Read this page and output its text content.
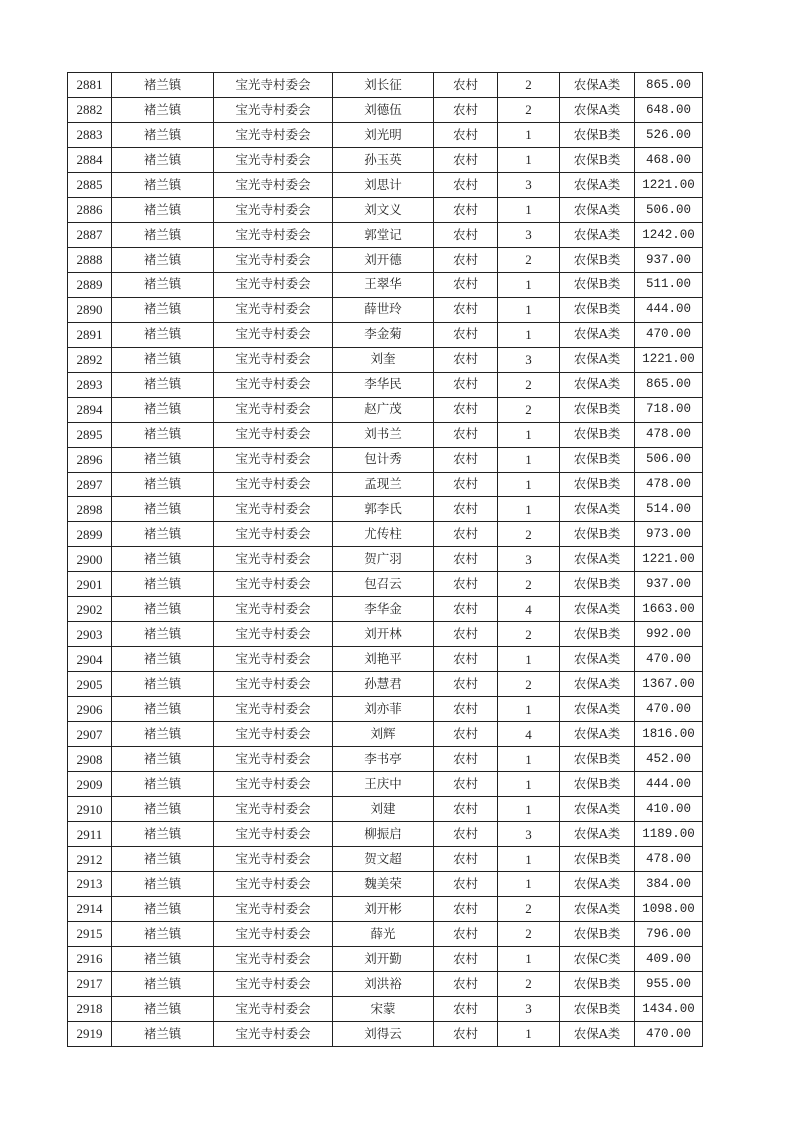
2881	褚兰镇	宝光寺村委会	刘长征	农村	2	农保A类	865.00
2882	褚兰镇	宝光寺村委会	刘德伍	农村	2	农保A类	648.00
2883	褚兰镇	宝光寺村委会	刘光明	农村	1	农保B类	526.00
2884	褚兰镇	宝光寺村委会	孙玉英	农村	1	农保B类	468.00
2885	褚兰镇	宝光寺村委会	刘思计	农村	3	农保A类	1221.00
2886	褚兰镇	宝光寺村委会	刘文义	农村	1	农保A类	506.00
2887	褚兰镇	宝光寺村委会	郭堂记	农村	3	农保A类	1242.00
2888	褚兰镇	宝光寺村委会	刘开德	农村	2	农保B类	937.00
2889	褚兰镇	宝光寺村委会	王翠华	农村	1	农保B类	511.00
2890	褚兰镇	宝光寺村委会	薛世玲	农村	1	农保B类	444.00
2891	褚兰镇	宝光寺村委会	李金菊	农村	1	农保A类	470.00
2892	褚兰镇	宝光寺村委会	刘奎	农村	3	农保A类	1221.00
2893	褚兰镇	宝光寺村委会	李华民	农村	2	农保A类	865.00
2894	褚兰镇	宝光寺村委会	赵广茂	农村	2	农保B类	718.00
2895	褚兰镇	宝光寺村委会	刘书兰	农村	1	农保B类	478.00
2896	褚兰镇	宝光寺村委会	包计秀	农村	1	农保B类	506.00
2897	褚兰镇	宝光寺村委会	孟现兰	农村	1	农保B类	478.00
2898	褚兰镇	宝光寺村委会	郭李氏	农村	1	农保A类	514.00
2899	褚兰镇	宝光寺村委会	尤传柱	农村	2	农保B类	973.00
2900	褚兰镇	宝光寺村委会	贺广羽	农村	3	农保A类	1221.00
2901	褚兰镇	宝光寺村委会	包召云	农村	2	农保B类	937.00
2902	褚兰镇	宝光寺村委会	李华金	农村	4	农保A类	1663.00
2903	褚兰镇	宝光寺村委会	刘开林	农村	2	农保B类	992.00
2904	褚兰镇	宝光寺村委会	刘艳平	农村	1	农保A类	470.00
2905	褚兰镇	宝光寺村委会	孙慧君	农村	2	农保A类	1367.00
2906	褚兰镇	宝光寺村委会	刘亦菲	农村	1	农保A类	470.00
2907	褚兰镇	宝光寺村委会	刘辉	农村	4	农保A类	1816.00
2908	褚兰镇	宝光寺村委会	李书亭	农村	1	农保B类	452.00
2909	褚兰镇	宝光寺村委会	王庆中	农村	1	农保B类	444.00
2910	褚兰镇	宝光寺村委会	刘建	农村	1	农保A类	410.00
2911	褚兰镇	宝光寺村委会	柳振启	农村	3	农保A类	1189.00
2912	褚兰镇	宝光寺村委会	贺文超	农村	1	农保B类	478.00
2913	褚兰镇	宝光寺村委会	魏美荣	农村	1	农保A类	384.00
2914	褚兰镇	宝光寺村委会	刘开彬	农村	2	农保A类	1098.00
2915	褚兰镇	宝光寺村委会	薛光	农村	2	农保B类	796.00
2916	褚兰镇	宝光寺村委会	刘开勤	农村	1	农保C类	409.00
2917	褚兰镇	宝光寺村委会	刘洪裕	农村	2	农保B类	955.00
2918	褚兰镇	宝光寺村委会	宋蒙	农村	3	农保B类	1434.00
2919	褚兰镇	宝光寺村委会	刘得云	农村	1	农保A类	470.00
